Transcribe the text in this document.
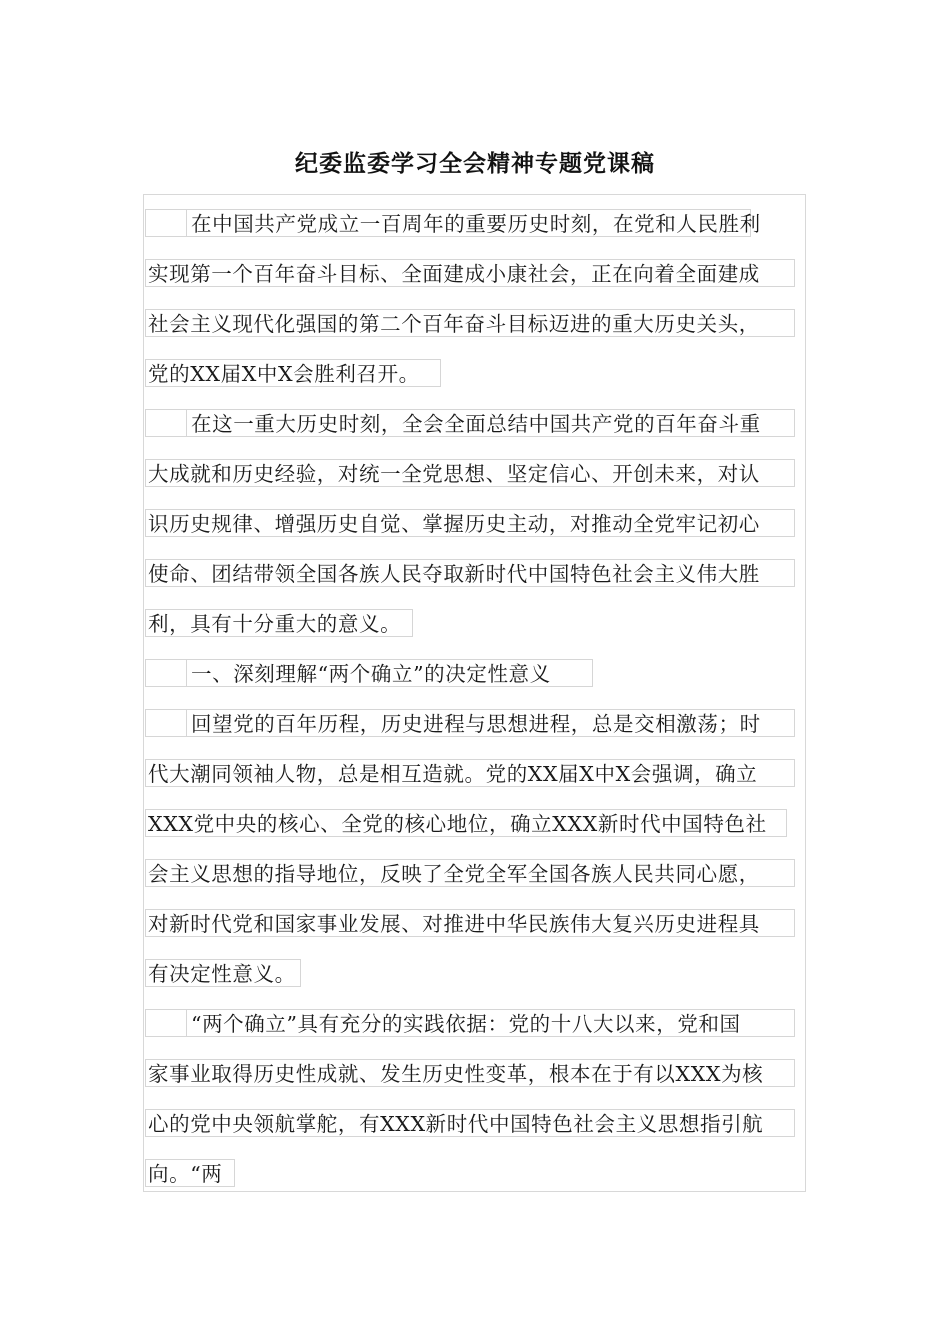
纪委监委学习全会精神专题党课稿
在中国共产党成立一百周年的重要历史时刻，在党和人民胜利
实现第一个百年奋斗目标、全面建成小康社会，正在向着全面建成
社会主义现代化强国的第二个百年奋斗目标迈进的重大历史关头，
党的XX届X中X会胜利召开。
在这一重大历史时刻，全会全面总结中国共产党的百年奋斗重
大成就和历史经验，对统一全党思想、坚定信心、开创未来，对认
识历史规律、增强历史自觉、掌握历史主动，对推动全党牢记初心
使命、团结带领全国各族人民夺取新时代中国特色社会主义伟大胜
利，具有十分重大的意义。
一、深刻理解“两个确立”的决定性意义
回望党的百年历程，历史进程与思想进程，总是交相激荡；时
代大潮同领袖人物，总是相互造就。党的XX届X中X会强调，确立
XXX党中央的核心、全党的核心地位，确立XXX新时代中国特色社
会主义思想的指导地位，反映了全党全军全国各族人民共同心愿，
对新时代党和国家事业发展、对推进中华民族伟大复兴历史进程具
有决定性意义。
“两个确立”具有充分的实践依据：党的十八大以来，党和国
家事业取得历史性成就、发生历史性变革，根本在于有以XXX为核
心的党中央领航掌舵，有XXX新时代中国特色社会主义思想指引航
向。“两
